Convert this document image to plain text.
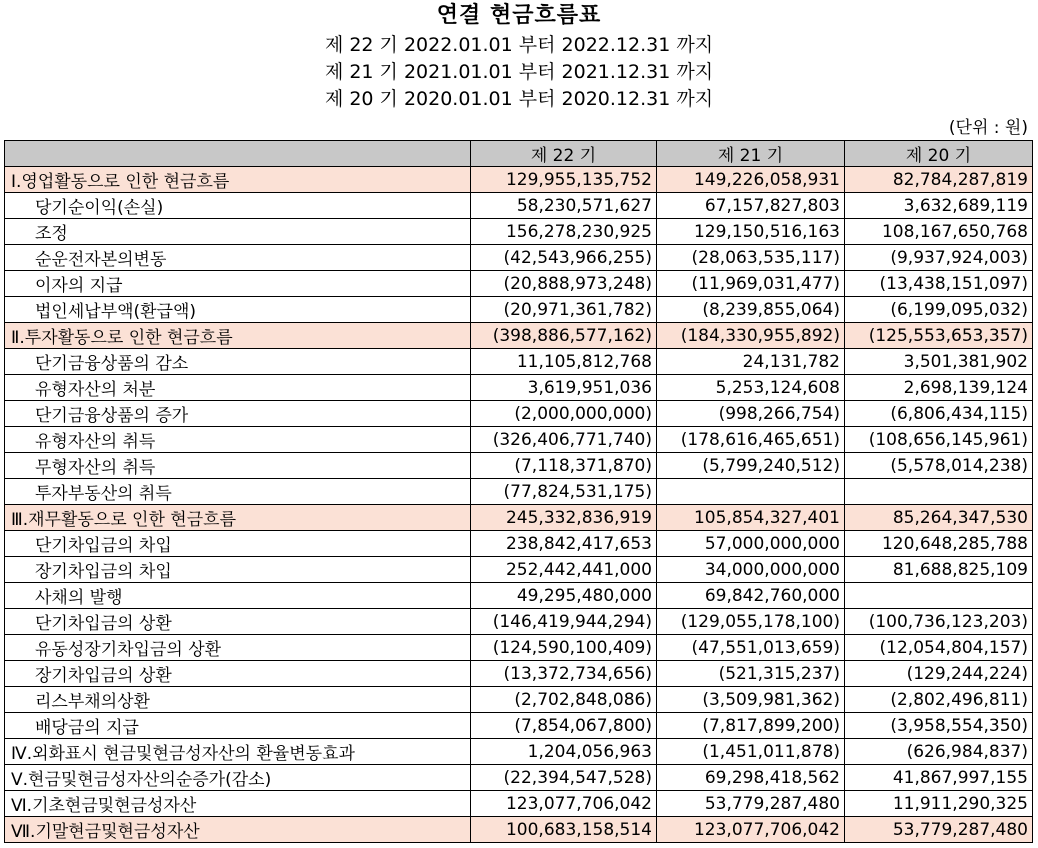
연결 현금흐름표
제 22 기 2022.01.01 부터 2022.12.31 까지
제 21 기 2021.01.01 부터 2021.12.31 까지
제 20 기 2020.01.01 부터 2020.12.31 까지
(단위 : 원)
	제 22 기	제 21 기	제 20 기
Ⅰ.영업활동으로 인한 현금흐름	129,955,135,752	149,226,058,931	82,784,287,819
당기순이익(손실)	58,230,571,627	67,157,827,803	3,632,689,119
조정	156,278,230,925	129,150,516,163	108,167,650,768
순운전자본의변동	(42,543,966,255)	(28,063,535,117)	(9,937,924,003)
이자의 지급	(20,888,973,248)	(11,969,031,477)	(13,438,151,097)
법인세납부액(환급액)	(20,971,361,782)	(8,239,855,064)	(6,199,095,032)
Ⅱ.투자활동으로 인한 현금흐름	(398,886,577,162)	(184,330,955,892)	(125,553,653,357)
단기금융상품의 감소	11,105,812,768	24,131,782	3,501,381,902
유형자산의 처분	3,619,951,036	5,253,124,608	2,698,139,124
단기금융상품의 증가	(2,000,000,000)	(998,266,754)	(6,806,434,115)
유형자산의 취득	(326,406,771,740)	(178,616,465,651)	(108,656,145,961)
무형자산의 취득	(7,118,371,870)	(5,799,240,512)	(5,578,014,238)
투자부동산의 취득	(77,824,531,175)		
Ⅲ.재무활동으로 인한 현금흐름	245,332,836,919	105,854,327,401	85,264,347,530
단기차입금의 차입	238,842,417,653	57,000,000,000	120,648,285,788
장기차입금의 차입	252,442,441,000	34,000,000,000	81,688,825,109
사채의 발행	49,295,480,000	69,842,760,000	
단기차입금의 상환	(146,419,944,294)	(129,055,178,100)	(100,736,123,203)
유동성장기차입금의 상환	(124,590,100,409)	(47,551,013,659)	(12,054,804,157)
장기차입금의 상환	(13,372,734,656)	(521,315,237)	(129,244,224)
리스부채의상환	(2,702,848,086)	(3,509,981,362)	(2,802,496,811)
배당금의 지급	(7,854,067,800)	(7,817,899,200)	(3,958,554,350)
Ⅳ.외화표시 현금및현금성자산의 환율변동효과	1,204,056,963	(1,451,011,878)	(626,984,837)
Ⅴ.현금및현금성자산의순증가(감소)	(22,394,547,528)	69,298,418,562	41,867,997,155
Ⅵ.기초현금및현금성자산	123,077,706,042	53,779,287,480	11,911,290,325
Ⅶ.기말현금및현금성자산	100,683,158,514	123,077,706,042	53,779,287,480
